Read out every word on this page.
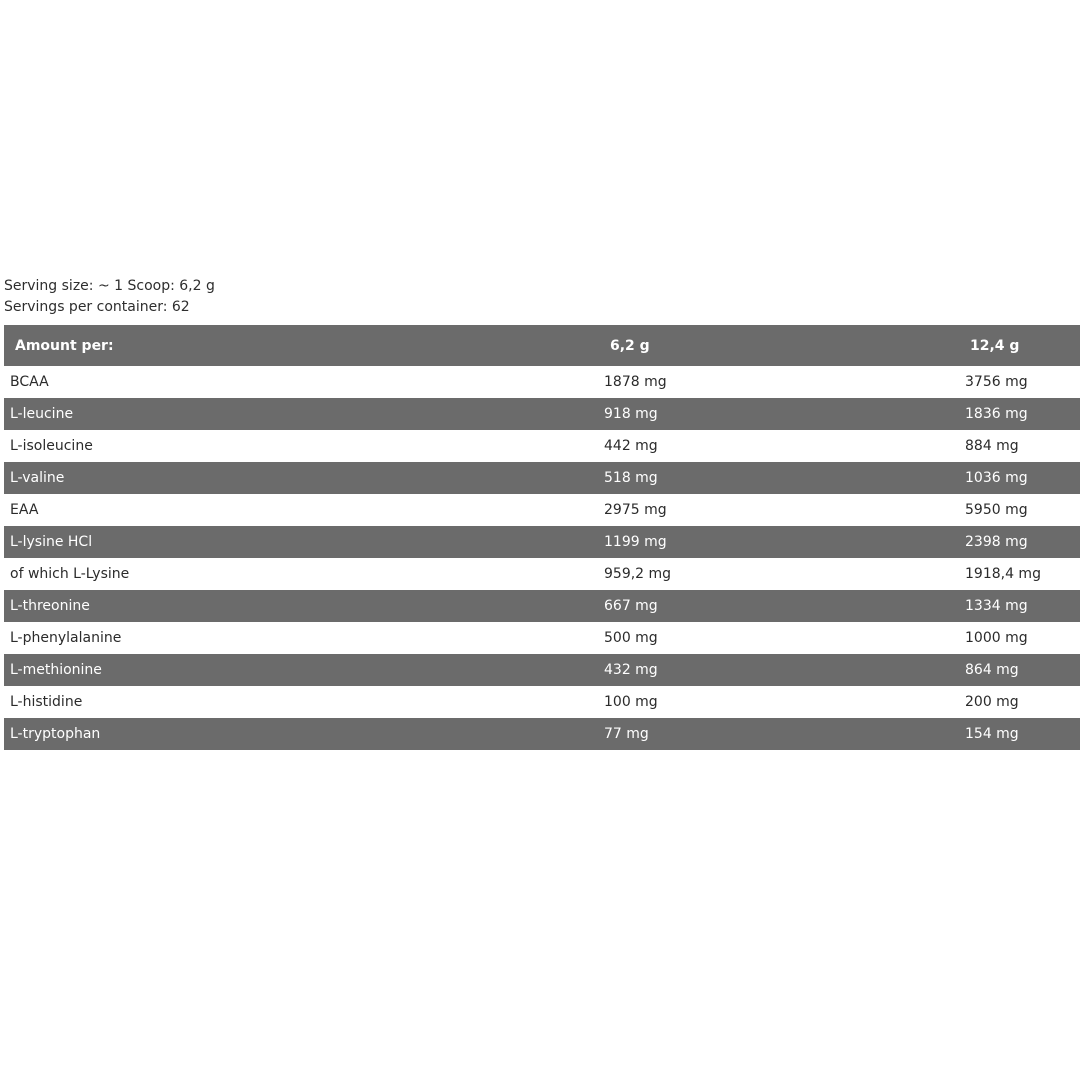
Serving size: ~ 1 Scoop: 6,2 g
Servings per container: 62
Amount per:	6,2 g	12,4 g
BCAA	1878 mg	3756 mg
L-leucine	918 mg	1836 mg
L-isoleucine	442 mg	884 mg
L-valine	518 mg	1036 mg
EAA	2975 mg	5950 mg
L-lysine HCl	1199 mg	2398 mg
of which L-Lysine	959,2 mg	1918,4 mg
L-threonine	667 mg	1334 mg
L-phenylalanine	500 mg	1000 mg
L-methionine	432 mg	864 mg
L-histidine	100 mg	200 mg
L-tryptophan	77 mg	154 mg
